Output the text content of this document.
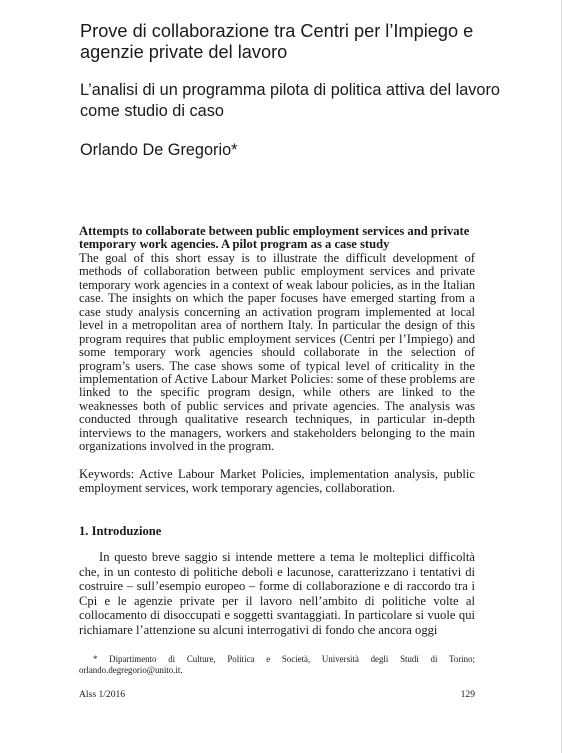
Prove di collaborazione tra Centri per l’Impiego e agenzie private del lavoro
L’analisi di un programma pilota di politica attiva del lavoro come studio di caso

Orlando De Gregorio*

Attempts to collaborate between public employment services and private temporary work agencies. A pilot program as a case study

The goal of this short essay is to illustrate the difficult development of methods of collaboration between public employment services and private temporary work agencies in a context of weak labour policies, as in the Italian case. The insights on which the paper focuses have emerged starting from a case study analysis concerning an activation program implemented at local level in a metropolitan area of northern Italy. In particular the design of this program requires that public employment services (Centri per l’Impiego) and some temporary work agencies should collaborate in the selection of program’s users. The case shows some of typical level of criticality in the implementation of Active Labour Market Policies: some of these problems are linked to the specific program design, while others are linked to the weaknesses both of public services and private agencies. The analysis was conducted through qualitative research techniques, in particular in-depth interviews to the managers, workers and stakeholders belonging to the main organizations involved in the program.

Keywords: Active Labour Market Policies, implementation analysis, public employment services, work temporary agencies, collaboration.

1. Introduzione

In questo breve saggio si intende mettere a tema le molteplici difficoltà che, in un contesto di politiche deboli e lacunose, caratterizzano i tentativi di costruire – sull’esempio europeo – forme di collaborazione e di raccordo tra i Cpi e le agenzie private per il lavoro nell’ambito di politiche volte al collocamento di disoccupati e soggetti svantaggiati. In particolare si vuole qui richiamare l’attenzione su alcuni interrogativi di fondo che ancora oggi

* Dipartimento di Culture, Politica e Società, Università degli Studi di Torino; orlando.degregorio@unito.it.

Alss 1/2016	129
